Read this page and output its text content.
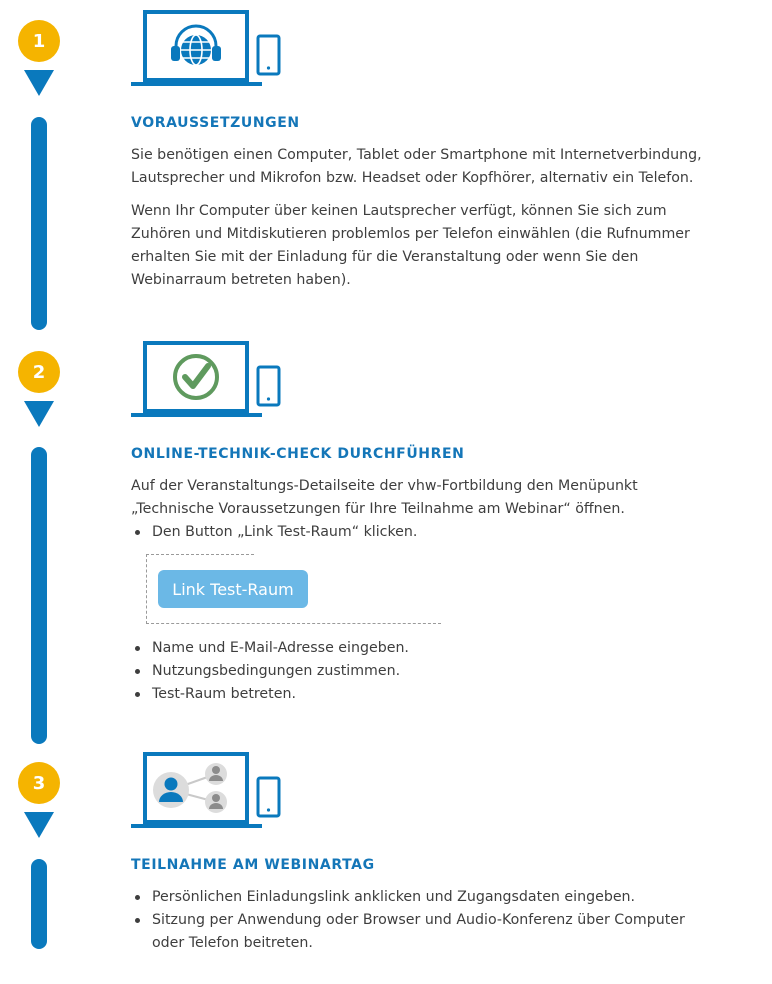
1
VORAUSSETZUNGEN

Sie benötigen einen Computer, Tablet oder Smartphone mit Internetverbindung, Lautsprecher und Mikrofon bzw. Headset oder Kopfhörer, alternativ ein Telefon.

Wenn Ihr Computer über keinen Lautsprecher verfügt, können Sie sich zum Zuhören und Mitdiskutieren problemlos per Telefon einwählen (die Rufnummer erhalten Sie mit der Einladung für die Veranstaltung oder wenn Sie den Webinarraum betreten haben).

2
ONLINE-TECHNIK-CHECK DURCHFÜHREN

Auf der Veranstaltungs-Detailseite der vhw-Fortbildung den Menüpunkt „Technische Voraussetzungen für Ihre Teilnahme am Webinar“ öffnen.

Den Button „Link Test-Raum“ klicken.
Link Test-Raum
Name und E-Mail-Adresse eingeben.
Nutzungsbedingungen zustimmen.
Test-Raum betreten.
3
TEILNAHME AM WEBINARTAG
Persönlichen Einladungslink anklicken und Zugangsdaten eingeben.
Sitzung per Anwendung oder Browser und Audio-Konferenz über Computer oder Telefon beitreten.
